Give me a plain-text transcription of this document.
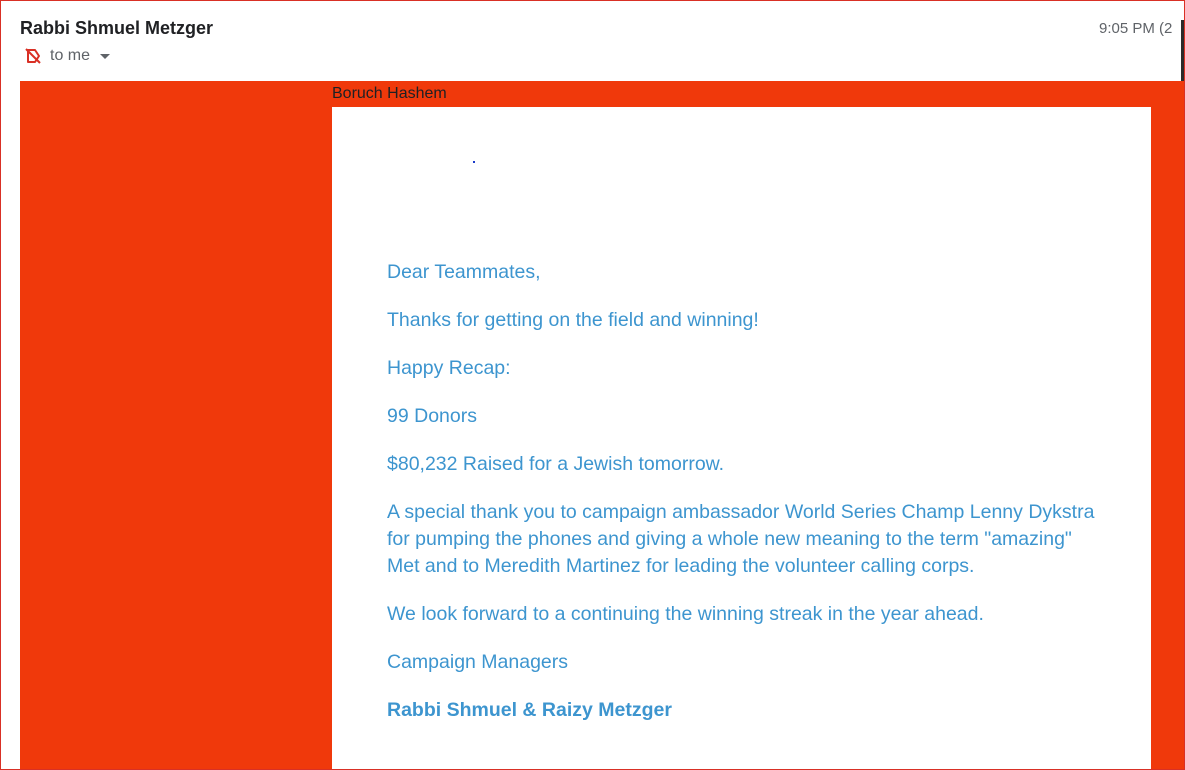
Rabbi Shmuel Metzger	9:05 PM (2
to me
Boruch Hashem

Dear Teammates,

Thanks for getting on the field and winning!

Happy Recap:

99 Donors

$80,232 Raised for a Jewish tomorrow.

A special thank you to campaign ambassador World Series Champ Lenny Dykstra for pumping the phones and giving a whole new meaning to the term "amazing" Met and to Meredith Martinez for leading the volunteer calling corps.

We look forward to a continuing the winning streak in the year ahead.

Campaign Managers

Rabbi Shmuel & Raizy Metzger
